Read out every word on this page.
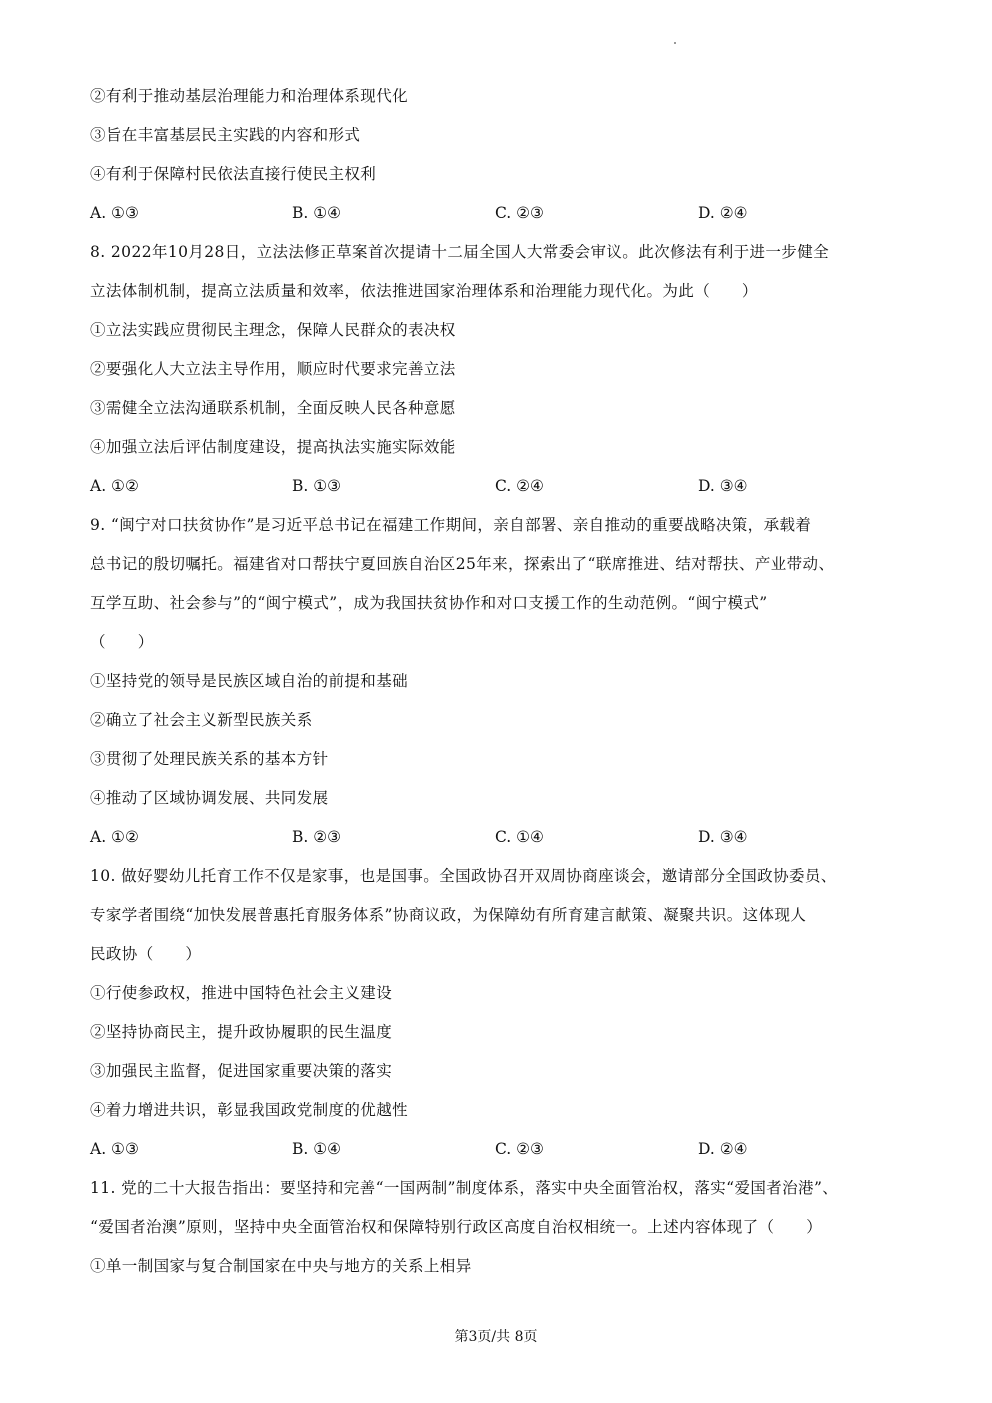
②有利于推动基层治理能力和治理体系现代化
③旨在丰富基层民主实践的内容和形式
④有利于保障村民依法直接行使民主权利
A. ①③	B. ①④	C. ②③	D. ②④
8. 2022年10月28日，立法法修正草案首次提请十二届全国人大常委会审议。此次修法有利于进一步健全
立法体制机制，提高立法质量和效率，依法推进国家治理体系和治理能力现代化。为此（　　）
①立法实践应贯彻民主理念，保障人民群众的表决权
②要强化人大立法主导作用，顺应时代要求完善立法
③需健全立法沟通联系机制，全面反映人民各种意愿
④加强立法后评估制度建设，提高执法实施实际效能
A. ①②	B. ①③	C. ②④	D. ③④
9. “闽宁对口扶贫协作”是习近平总书记在福建工作期间，亲自部署、亲自推动的重要战略决策，承载着
总书记的殷切嘱托。福建省对口帮扶宁夏回族自治区25年来，探索出了“联席推进、结对帮扶、产业带动、
互学互助、社会参与”的“闽宁模式”，成为我国扶贫协作和对口支援工作的生动范例。“闽宁模式”
（　　）
①坚持党的领导是民族区域自治的前提和基础
②确立了社会主义新型民族关系
③贯彻了处理民族关系的基本方针
④推动了区域协调发展、共同发展
A. ①②	B. ②③	C. ①④	D. ③④
10. 做好婴幼儿托育工作不仅是家事，也是国事。全国政协召开双周协商座谈会，邀请部分全国政协委员、
专家学者围绕“加快发展普惠托育服务体系”协商议政，为保障幼有所育建言献策、凝聚共识。这体现人
民政协（　　）
①行使参政权，推进中国特色社会主义建设
②坚持协商民主，提升政协履职的民生温度
③加强民主监督，促进国家重要决策的落实
④着力增进共识，彰显我国政党制度的优越性
A. ①③	B. ①④	C. ②③	D. ②④
11. 党的二十大报告指出：要坚持和完善“一国两制”制度体系，落实中央全面管治权，落实“爱国者治港”、
“爱国者治澳”原则，坚持中央全面管治权和保障特别行政区高度自治权相统一。上述内容体现了（　　）
①单一制国家与复合制国家在中央与地方的关系上相异
第3页/共 8页
